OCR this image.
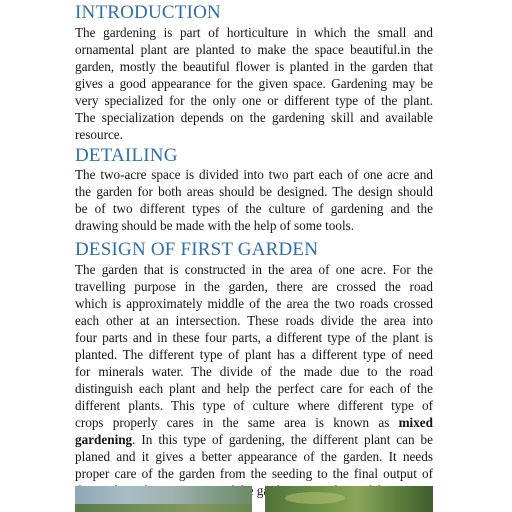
INTRODUCTION
The gardening is part of horticulture in which the small and
ornamental plant are planted to make the space beautiful.in the
garden, mostly the beautiful flower is planted in the garden that
gives a good appearance for the given space. Gardening may be
very specialized for the only one or different type of the plant.
The specialization depends on the gardening skill and available
resource.
DETAILING
The two-acre space is divided into two part each of one acre and
the garden for both areas should be designed. The design should
be of two different types of the culture of gardening and the
drawing should be made with the help of some tools.
DESIGN OF FIRST GARDEN
The garden that is constructed in the area of one acre. For the
travelling purpose in the garden, there are crossed the road
which is approximately middle of the area the two roads crossed
each other at an intersection. These roads divide the area into
four parts and in these four parts, a different type of the plant is
planted. The different type of plant has a different type of need
for minerals water. The divide of the made due to the road
distinguish each plant and help the perfect care for each of the
different plants. This type of culture where different type of
crops properly cares in the same area is known as mixed
gardening. In this type of gardening, the different plant can be
planed and it gives a better appearance of the garden. It needs
proper care of the garden from the seeding to the final output of
